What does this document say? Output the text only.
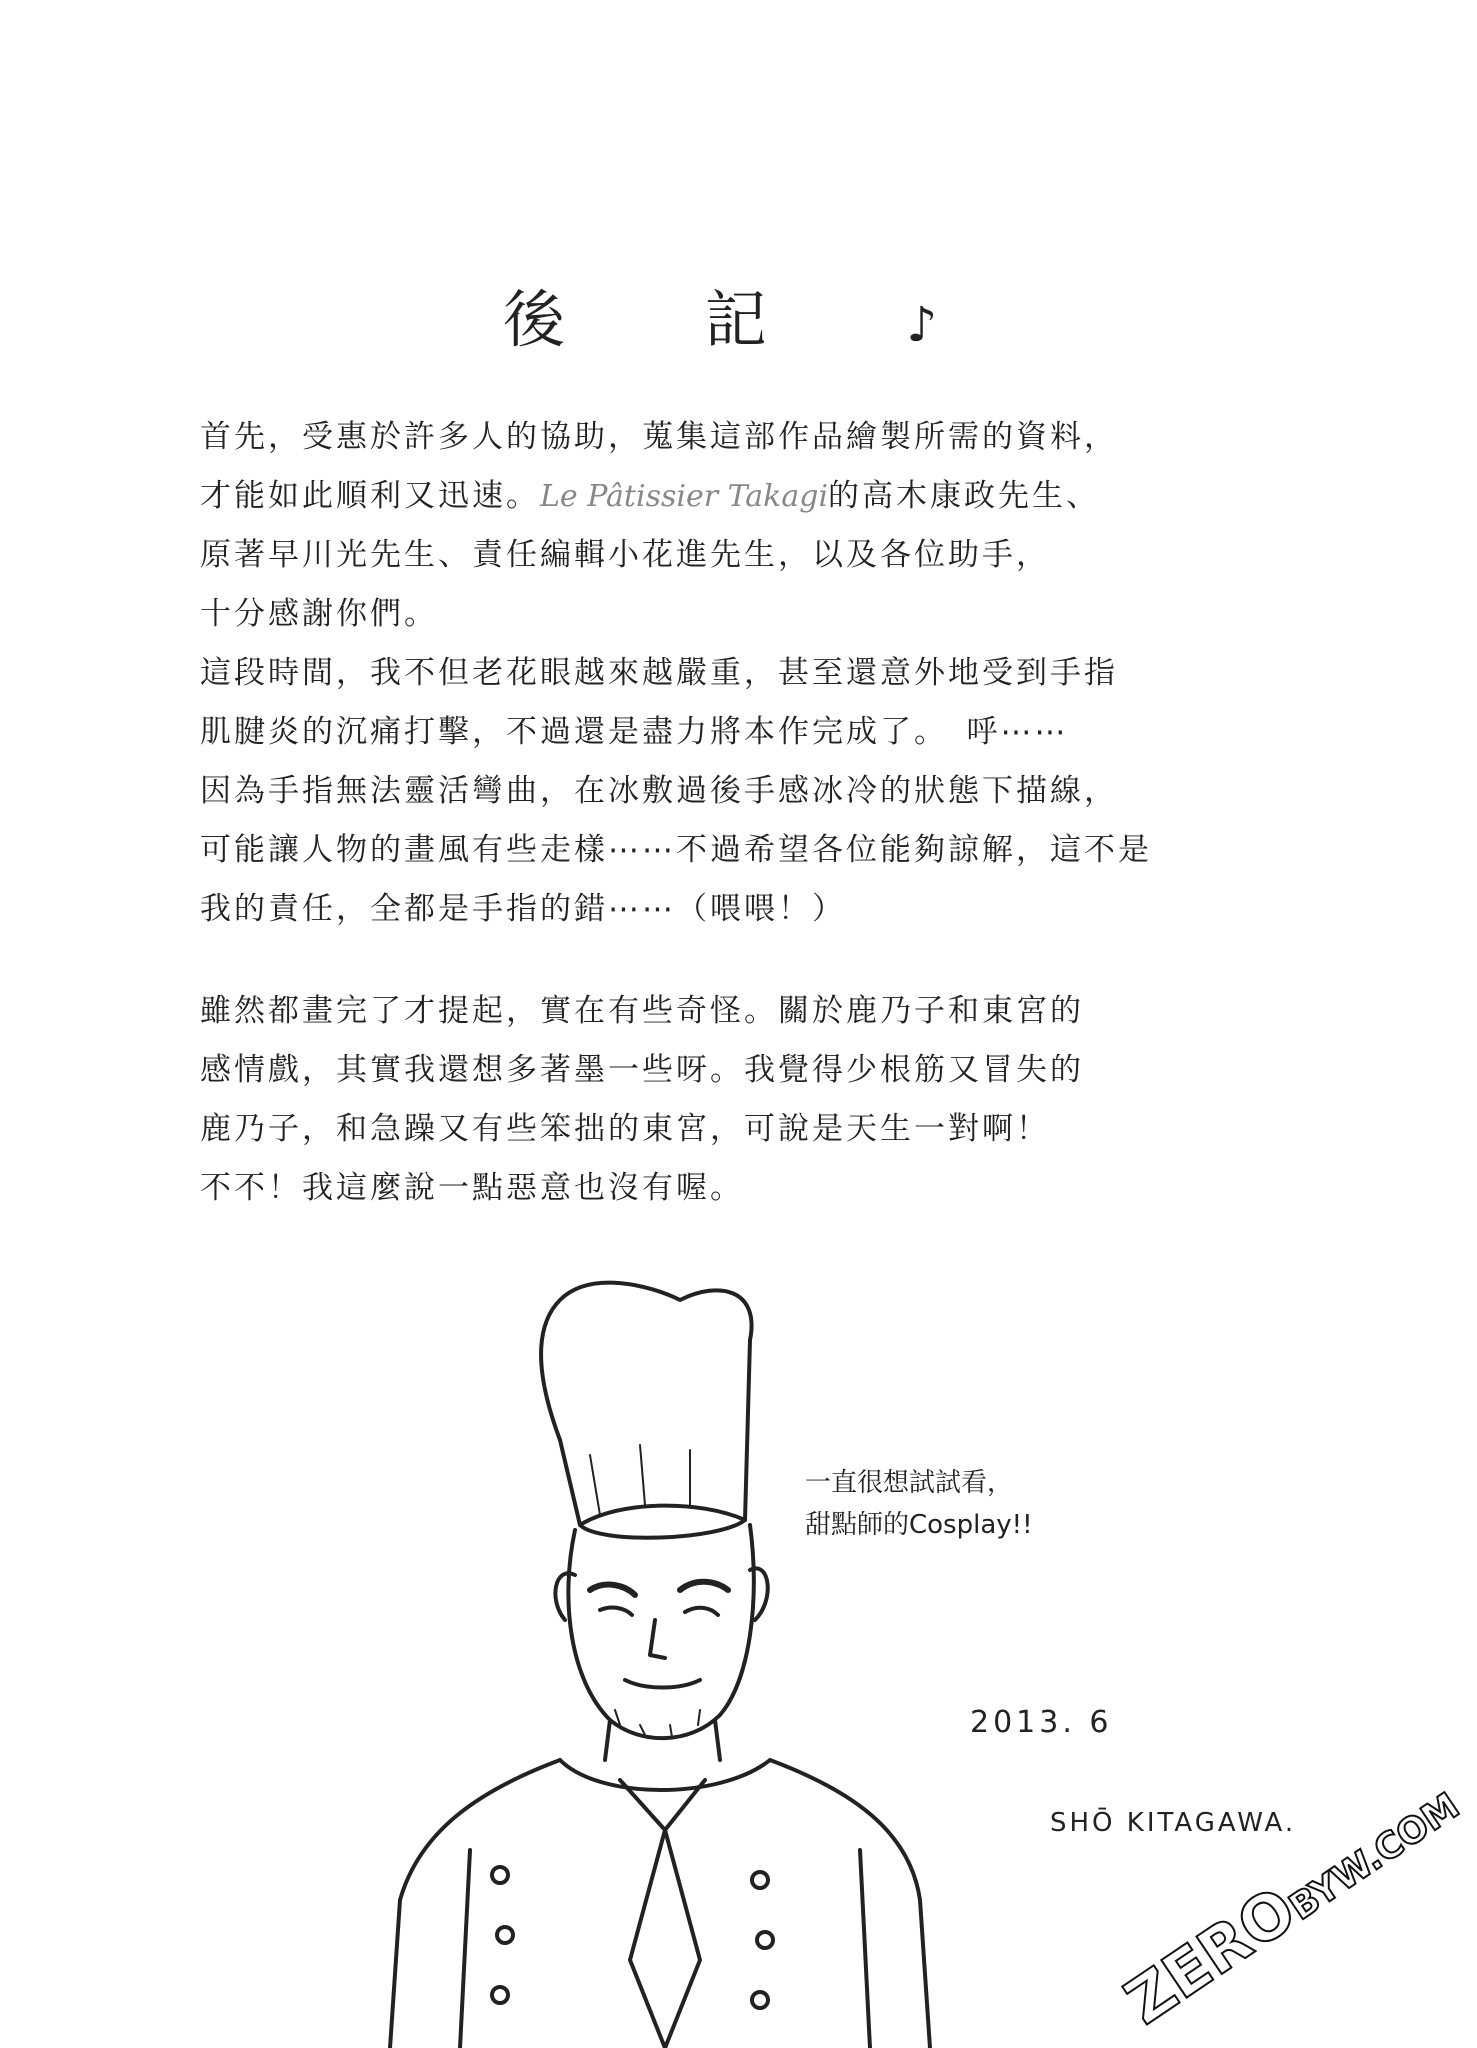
後 記 ♪
首先，受惠於許多人的協助，蒐集這部作品繪製所需的資料，
才能如此順利又迅速。Le Pâtissier Takagi的高木康政先生、
原著早川光先生、責任編輯小花進先生，以及各位助手，
十分感謝你們。
這段時間，我不但老花眼越來越嚴重，甚至還意外地受到手指
肌腱炎的沉痛打擊，不過還是盡力將本作完成了。　呼⋯⋯
因為手指無法靈活彎曲，在冰敷過後手感冰冷的狀態下描線，
可能讓人物的畫風有些走樣⋯⋯不過希望各位能夠諒解，這不是
我的責任，全都是手指的錯⋯⋯（喂喂！）
雖然都畫完了才提起，實在有些奇怪。關於鹿乃子和東宮的
感情戲，其實我還想多著墨一些呀。我覺得少根筋又冒失的
鹿乃子，和急躁又有些笨拙的東宮，可說是天生一對啊！
不不！我這麼說一點惡意也沒有喔。
一直很想試試看，
甜點師的Cosplay!!
2013. 6
SHŌ KITAGAWA.
ZEROBYW.COM
